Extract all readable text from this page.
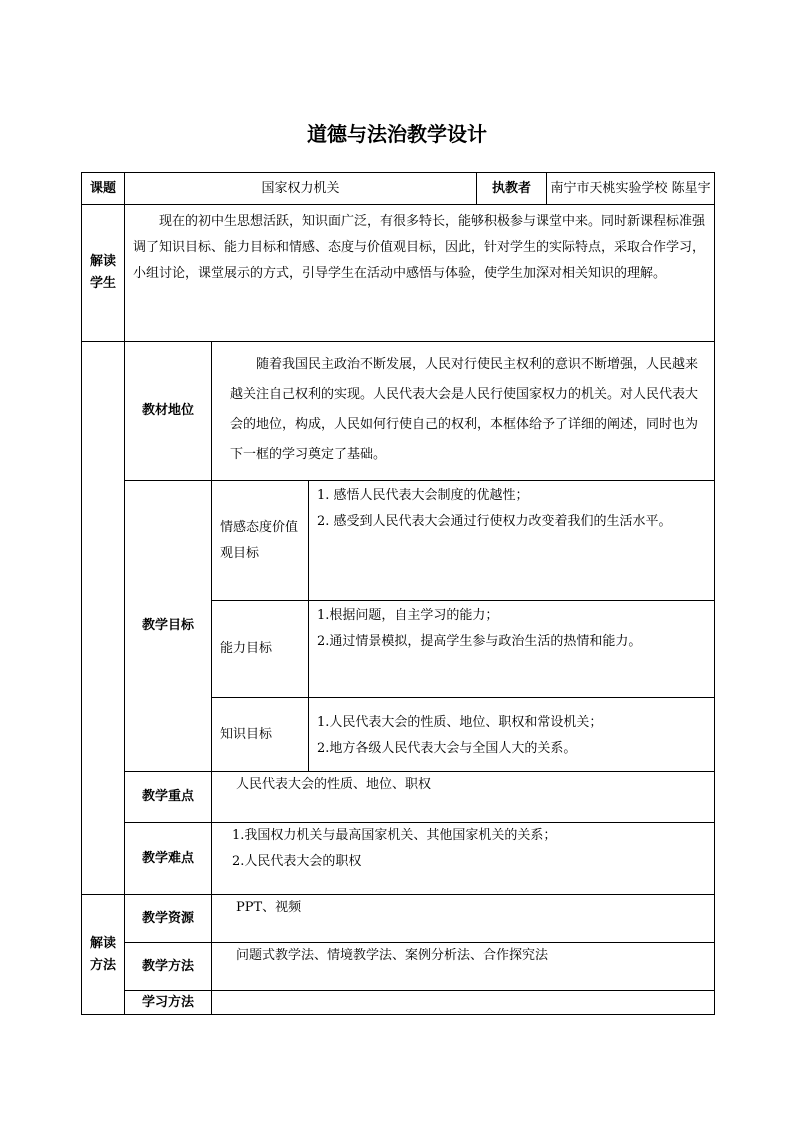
道德与法治教学设计
课题	国家权力机关			执教者	南宁市天桃实验学校 陈星宇
解读学生	现在的初中生思想活跃，知识面广泛，有很多特长，能够积极参与课堂中来。同时新课程标准强调了知识目标、能力目标和情感、态度与价值观目标，因此，针对学生的实际特点，采取合作学习，小组讨论，课堂展示的方式，引导学生在活动中感悟与体验，使学生加深对相关知识的理解。				
	教材地位	随着我国民主政治不断发展，人民对行使民主权利的意识不断增强，人民越来越关注自己权利的实现。人民代表大会是人民行使国家权力的机关。对人民代表大会的地位，构成，人民如何行使自己的权利，本框体给予了详细的阐述，同时也为下一框的学习奠定了基础。			
	教学目标	情感态度价值观目标	1. 感悟人民代表大会制度的优越性；

2. 感受到人民代表大会通过行使权力改变着我们的生活水平。		

		能力目标	1.根据问题，自主学习的能力；

2.通过情景模拟，提高学生参与政治生活的热情和能力。		

		知识目标	1.人民代表大会的性质、地位、职权和常设机关；

2.地方各级人民代表大会与全国人大的关系。		

	教学重点	人民代表大会的性质、地位、职权			
	教学难点	1.我国权力机关与最高国家机关、其他国家机关的关系；

2.人民代表大会的职权			

解读方法	教学资源	PPT、视频			
	教学方法	问题式教学法、情境教学法、案例分析法、合作探究法			
	学习方法				
